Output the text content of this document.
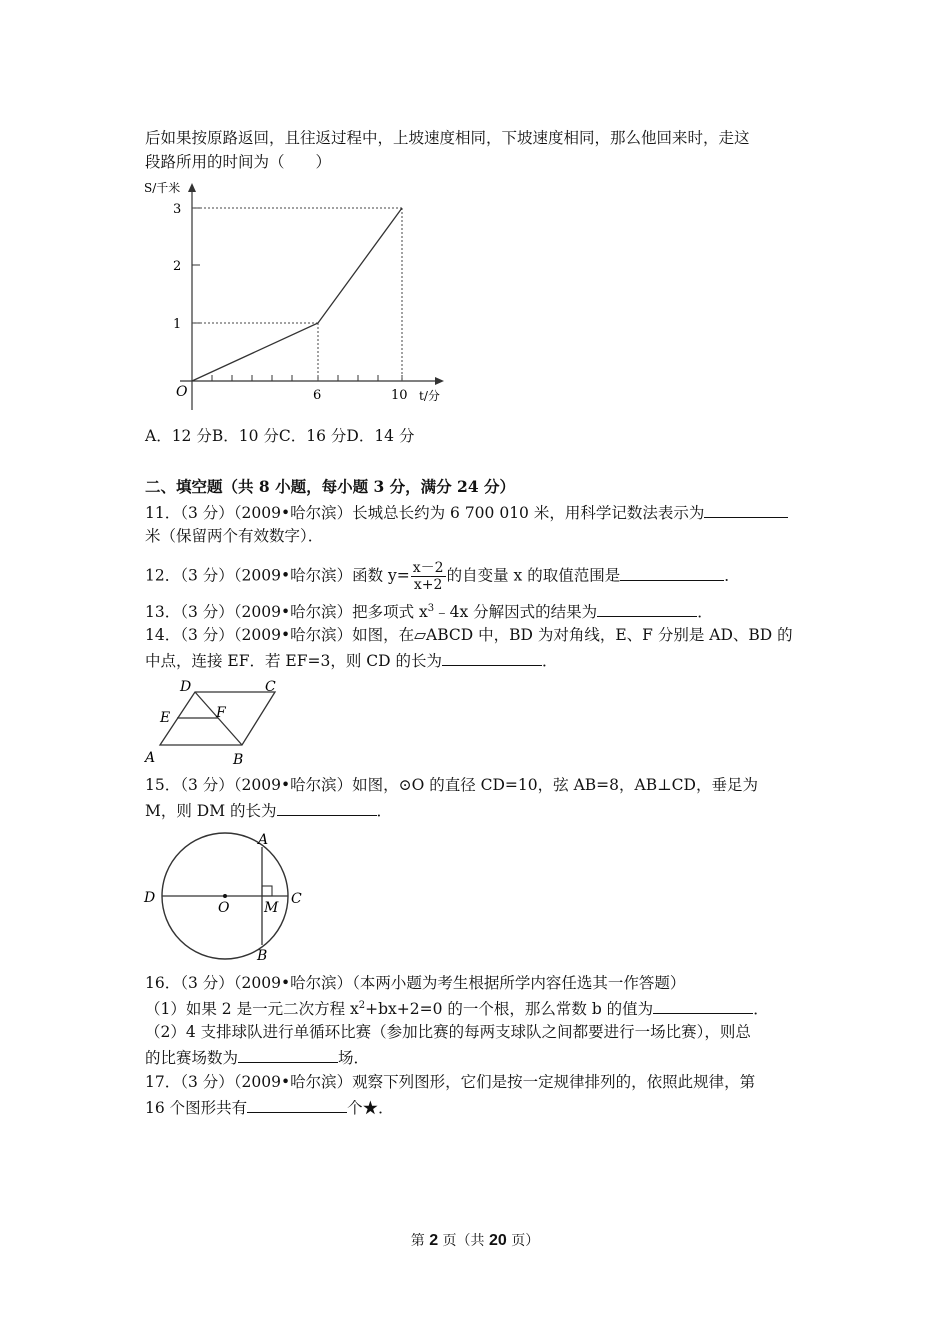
后如果按原路返回，且往返过程中，上坡速度相同，下坡速度相同，那么他回来时，走这
段路所用的时间为（　　）
S/千米
3
2
1
O	6	10 t/分
A．12 分B．10 分C．16 分D．14 分
二、填空题（共 8 小题，每小题 3 分，满分 24 分）
11．（3 分）（2009•哈尔滨）长城总长约为 6 700 010 米，用科学记数法表示为
米（保留两个有效数字）．
12．（3 分）（2009•哈尔滨）函数 $y= \frac{x-2}{x+2}$ 的自变量 x 的取值范围是	．
13．（3 分）（2009•哈尔滨）把多项式 $x^3﹣4x$ 分解因式的结果为	．
14．（3 分）（2009•哈尔滨）如图，在▱ABCD 中，BD 为对角线，E、F 分别是 AD、BD 的
中点，连接 EF．若 EF=3，则 CD 的长为	．
D	C
E	F
A	B
15．（3 分）（2009•哈尔滨）如图，⊙O 的直径 CD=10，弦 AB=8，AB⊥CD，垂足为
M，则 DM 的长为	．
A
D
O M
C
B
16．（3 分）（2009•哈尔滨）（本两小题为考生根据所学内容任选其一作答题）
（1）如果 2 是一元二次方程 $x^2+bx+2=0$ 的一个根，那么常数 b 的值为	．
（2）4 支排球队进行单循环比赛（参加比赛的每两支球队之间都要进行一场比赛），则总
的比赛场数为	场．
17．（3 分）（2009•哈尔滨）观察下列图形，它们是按一定规律排列的，依照此规律，第
16 个图形共有	个★．
第 2 页（共 20 页）
